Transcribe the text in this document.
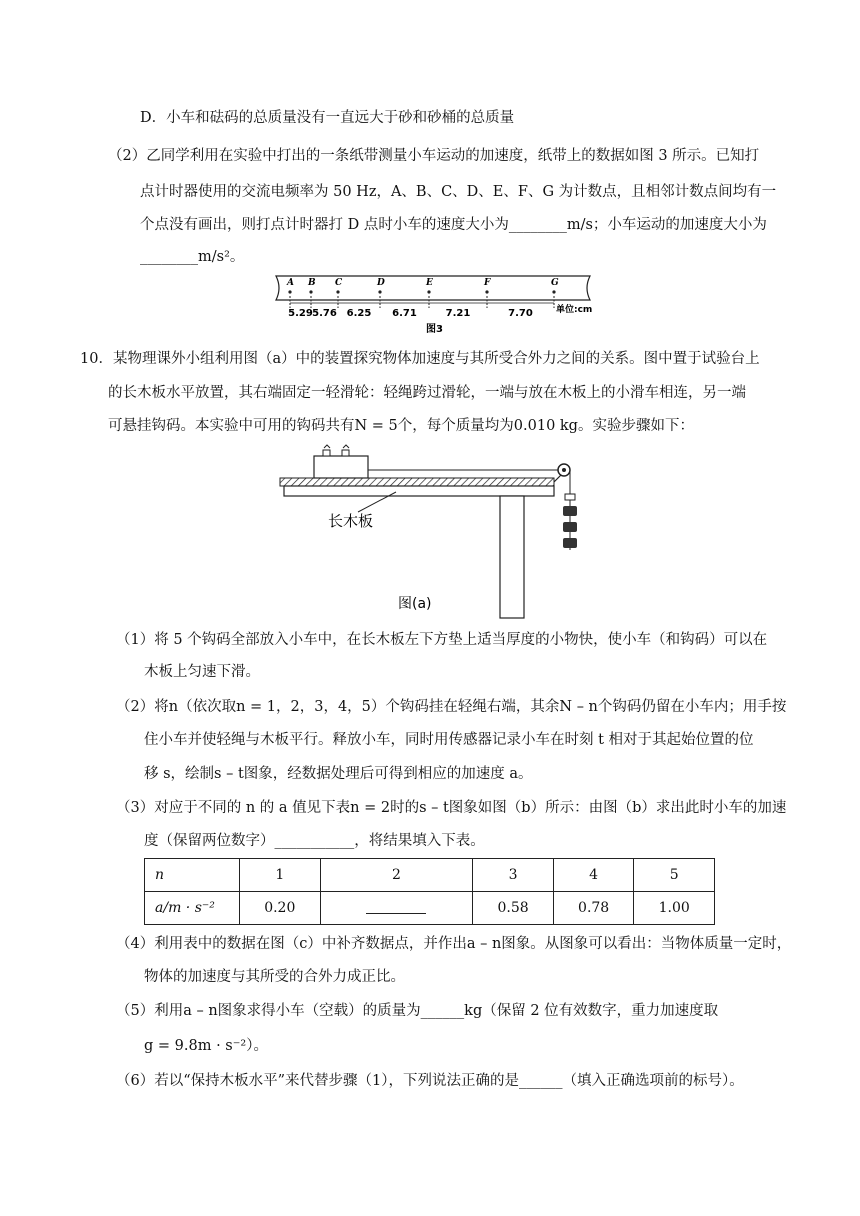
D．小车和砝码的总质量没有一直远大于砂和砂桶的总质量
（2）乙同学利用在实验中打出的一条纸带测量小车运动的加速度，纸带上的数据如图 3 所示。已知打
点计时器使用的交流电频率为 50 Hz，A、B、C、D、E、F、G 为计数点，且相邻计数点间均有一
个点没有画出，则打点计时器打 D 点时小车的速度大小为________m/s；小车运动的加速度大小为
________m/s²。
A B C	D	E	F	G
5.29 5.76 6.25 6.71	7.21	7.70	单位:cm
图3
10．某物理课外小组利用图（a）中的装置探究物体加速度与其所受合外力之间的关系。图中置于试验台上
的长木板水平放置，其右端固定一轻滑轮：轻绳跨过滑轮，一端与放在木板上的小滑车相连，另一端
可悬挂钩码。本实验中可用的钩码共有N = 5个，每个质量均为0.010 kg。实验步骤如下：
长木板
图(a)
（1）将 5 个钩码全部放入小车中，在长木板左下方垫上适当厚度的小物快，使小车（和钩码）可以在
木板上匀速下滑。
（2）将n（依次取n = 1，2，3，4，5）个钩码挂在轻绳右端，其余N – n个钩码仍留在小车内；用手按
住小车并使轻绳与木板平行。释放小车，同时用传感器记录小车在时刻 t 相对于其起始位置的位
移 s，绘制s – t图象，经数据处理后可得到相应的加速度 a。
（3）对应于不同的 n 的 a 值见下表n = 2时的s – t图象如图（b）所示：由图（b）求出此时小车的加速
度（保留两位数字）___________，将结果填入下表。
n	1	2	3	4	5
a/m · s⁻²	0.20		0.58	0.78	1.00
（4）利用表中的数据在图（c）中补齐数据点，并作出a – n图象。从图象可以看出：当物体质量一定时，
物体的加速度与其所受的合外力成正比。
（5）利用a – n图象求得小车（空载）的质量为______kg（保留 2 位有效数字，重力加速度取
g = 9.8m · s⁻²）。
（6）若以“保持木板水平”来代替步骤（1），下列说法正确的是______（填入正确选项前的标号）。
